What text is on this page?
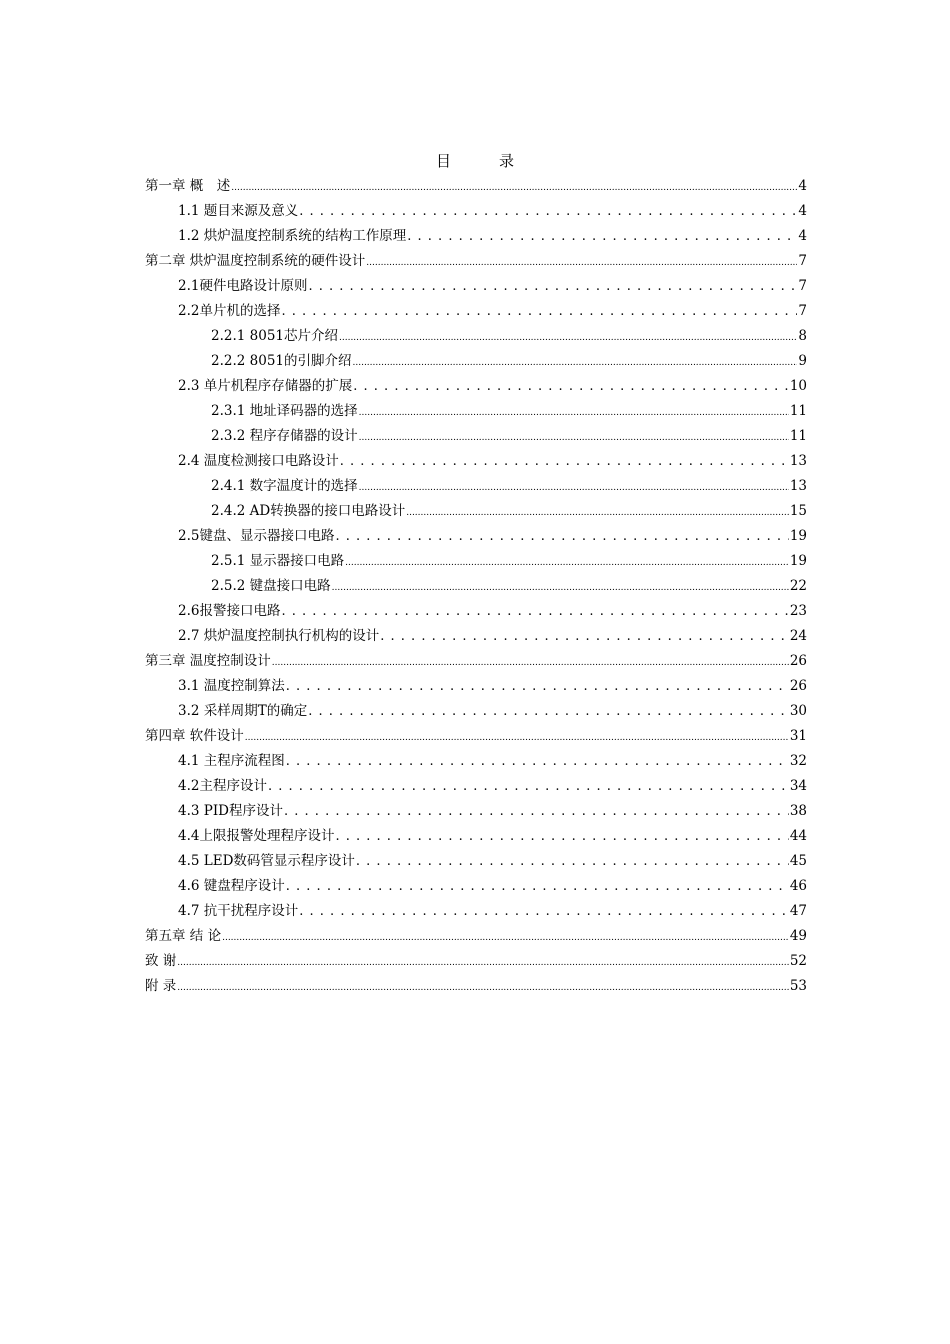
目录
第一章 概　述 .....	4
1.1 题目来源及意义 . . .	4
1.2 烘炉温度控制系统的结构工作原理 . . .	4
第二章 烘炉温度控制系统的硬件设计 .....	7
2.1硬件电路设计原则 . . .	7
2.2单片机的选择 . . .	7
2.2.1 8051芯片介绍 .....	8
2.2.2 8051的引脚介绍 .....	9
2.3 单片机程序存储器的扩展 . . .	10
2.3.1 地址译码器的选择 .....	11
2.3.2 程序存储器的设计 .....	11
2.4 温度检测接口电路设计 . . .	13
2.4.1 数字温度计的选择 .....	13
2.4.2 AD转换器的接口电路设计 .....	15
2.5键盘、显示器接口电路 . . .	19
2.5.1 显示器接口电路 .....	19
2.5.2 键盘接口电路 .....	22
2.6报警接口电路 . . .	23
2.7 烘炉温度控制执行机构的设计 . . .	24
第三章 温度控制设计 .....	26
3.1 温度控制算法 . . .	26
3.2 采样周期T的确定 . . .	30
第四章 软件设计 .....	31
4.1 主程序流程图 . . .	32
4.2主程序设计 . . .	34
4.3 PID程序设计 . . .	38
4.4上限报警处理程序设计 . . .	44
4.5 LED数码管显示程序设计 . . .	45
4.6 键盘程序设计 . . .	46
4.7 抗干扰程序设计 . . .	47
第五章 结 论 .....	49
致 谢 .....	52
附 录 .....	53
